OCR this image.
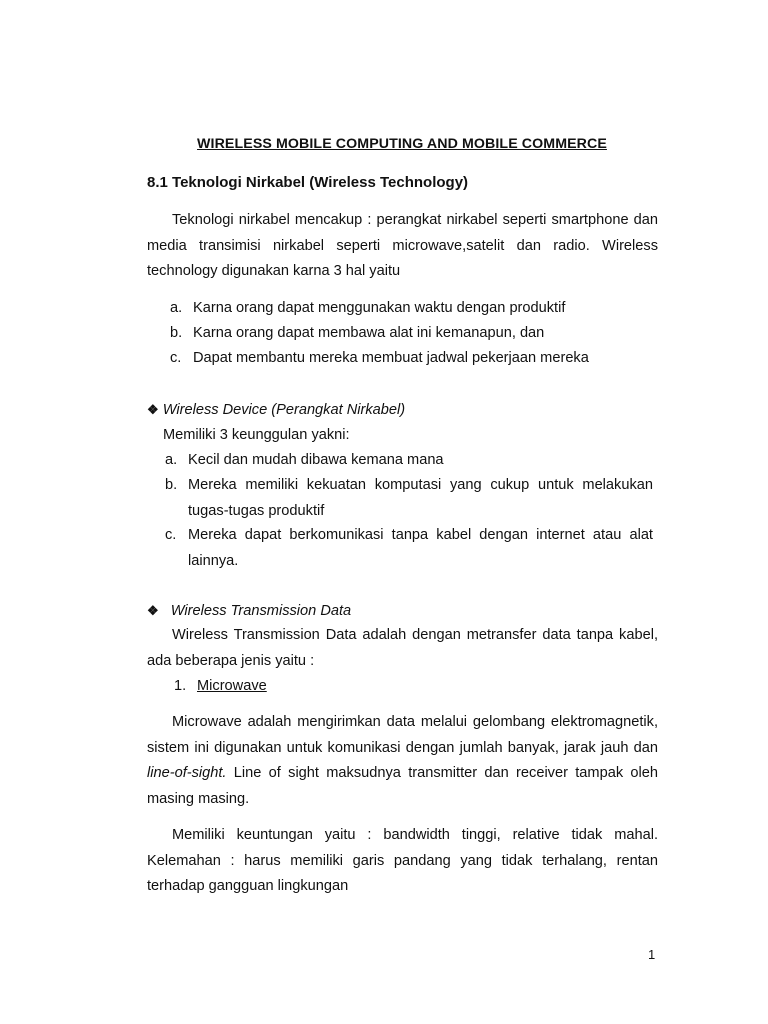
WIRELESS MOBILE COMPUTING AND MOBILE COMMERCE
8.1 Teknologi Nirkabel (Wireless Technology)
Teknologi nirkabel mencakup : perangkat nirkabel seperti smartphone dan media transimisi nirkabel seperti microwave,satelit dan radio. Wireless technology digunakan karna 3 hal yaitu
a. Karna orang dapat menggunakan waktu dengan produktif
b. Karna orang dapat membawa alat ini kemanapun, dan
c. Dapat membantu mereka membuat jadwal pekerjaan mereka
❖ Wireless Device (Perangkat Nirkabel)
Memiliki 3 keunggulan yakni:
a. Kecil dan mudah dibawa kemana mana
b. Mereka memiliki kekuatan komputasi yang cukup untuk melakukan tugas-tugas produktif
c. Mereka dapat berkomunikasi tanpa kabel dengan internet atau alat lainnya.
❖ Wireless Transmission Data
Wireless Transmission Data adalah dengan metransfer data tanpa kabel, ada beberapa jenis yaitu :
1. Microwave
Microwave adalah mengirimkan data melalui gelombang elektromagnetik, sistem ini digunakan untuk komunikasi dengan jumlah banyak, jarak jauh dan line-of-sight. Line of sight maksudnya transmitter dan receiver tampak oleh masing masing.
Memiliki keuntungan yaitu : bandwidth tinggi, relative tidak mahal. Kelemahan : harus memiliki garis pandang yang tidak terhalang, rentan terhadap gangguan lingkungan
1
